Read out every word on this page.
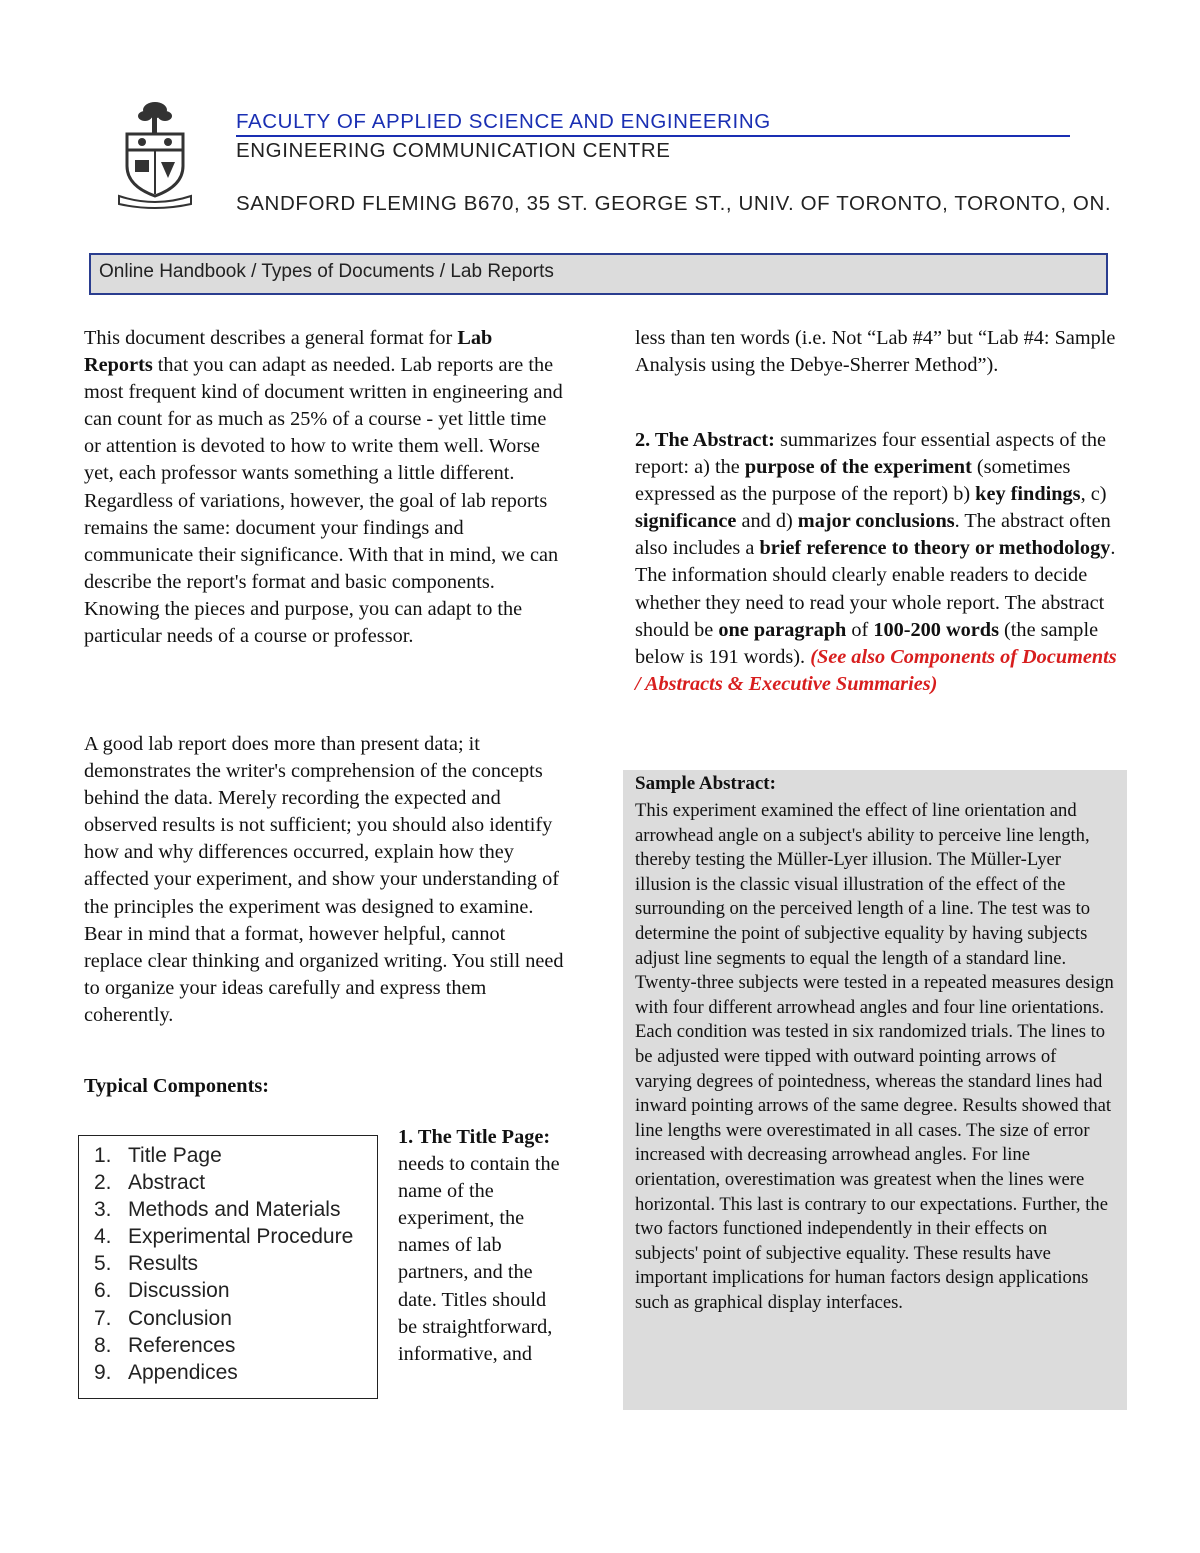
FACULTY OF APPLIED SCIENCE AND ENGINEERING
ENGINEERING COMMUNICATION CENTRE
SANDFORD FLEMING B670, 35 ST. GEORGE ST., UNIV. OF TORONTO, TORONTO, ON.
Online Handbook / Types of Documents / Lab Reports

This document describes a general format for Lab Reports that you can adapt as needed. Lab reports are the most frequent kind of document written in engineering and can count for as much as 25% of a course - yet little time or attention is devoted to how to write them well. Worse yet, each professor wants something a little different. Regardless of variations, however, the goal of lab reports remains the same: document your findings and communicate their significance. With that in mind, we can describe the report's format and basic components. Knowing the pieces and purpose, you can adapt to the particular needs of a course or professor.

A good lab report does more than present data; it demonstrates the writer's comprehension of the concepts behind the data. Merely recording the expected and observed results is not sufficient; you should also identify how and why differences occurred, explain how they affected your experiment, and show your understanding of the principles the experiment was designed to examine. Bear in mind that a format, however helpful, cannot replace clear thinking and organized writing. You still need to organize your ideas carefully and express them coherently.

Typical Components:
1. Title Page
2. Abstract
3. Methods and Materials
4. Experimental Procedure
5. Results
6. Discussion
7. Conclusion
8. References
9. Appendices

1. The Title Page: needs to contain the name of the experiment, the names of lab partners, and the date. Titles should be straightforward, informative, and

less than ten words (i.e. Not “Lab #4” but “Lab #4: Sample Analysis using the Debye-Sherrer Method”).

2. The Abstract: summarizes four essential aspects of the report: a) the purpose of the experiment (sometimes expressed as the purpose of the report) b) key findings, c) significance and d) major conclusions. The abstract often also includes a brief reference to theory or methodology. The information should clearly enable readers to decide whether they need to read your whole report. The abstract should be one paragraph of 100-200 words (the sample below is 191 words). (See also Components of Documents / Abstracts & Executive Summaries)

Sample Abstract:

This experiment examined the effect of line orientation and arrowhead angle on a subject's ability to perceive line length, thereby testing the Müller-Lyer illusion. The Müller-Lyer illusion is the classic visual illustration of the effect of the surrounding on the perceived length of a line. The test was to determine the point of subjective equality by having subjects adjust line segments to equal the length of a standard line. Twenty-three subjects were tested in a repeated measures design with four different arrowhead angles and four line orientations. Each condition was tested in six randomized trials. The lines to be adjusted were tipped with outward pointing arrows of varying degrees of pointedness, whereas the standard lines had inward pointing arrows of the same degree. Results showed that line lengths were overestimated in all cases. The size of error increased with decreasing arrowhead angles. For line orientation, overestimation was greatest when the lines were horizontal. This last is contrary to our expectations. Further, the two factors functioned independently in their effects on subjects' point of subjective equality. These results have important implications for human factors design applications such as graphical display interfaces.
